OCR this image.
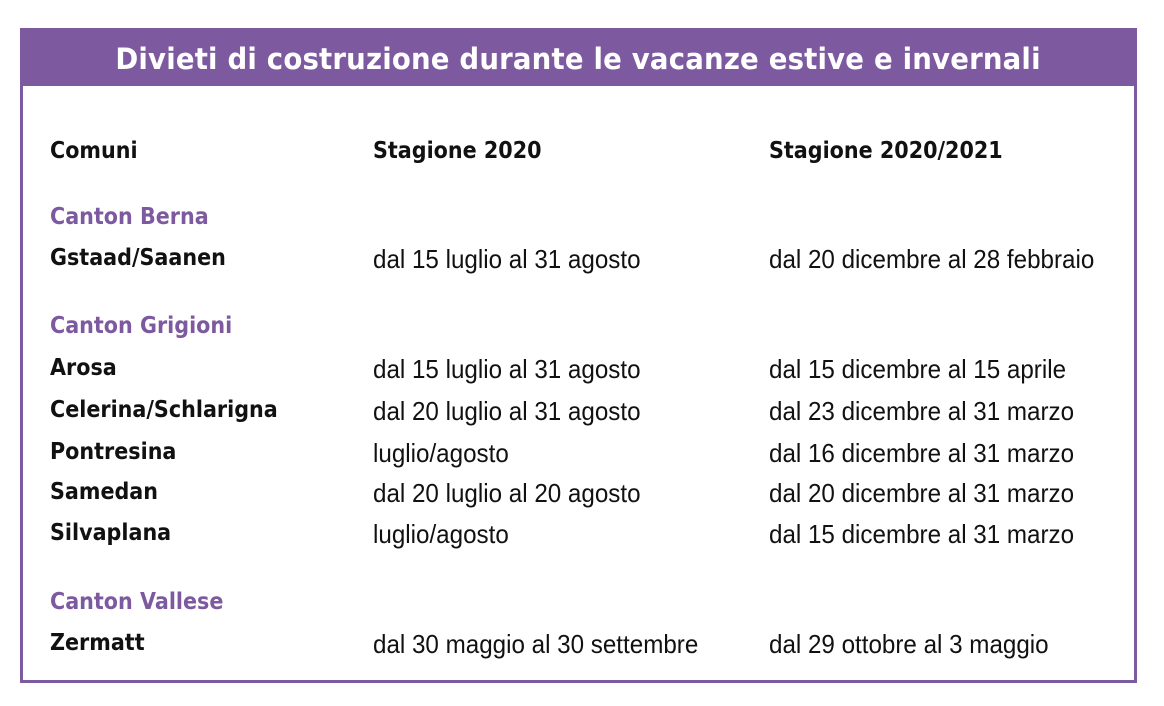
Divieti di costruzione durante le vacanze estive e invernali
Comuni	Stagione 2020	Stagione 2020/2021
Canton Berna
Gstaad/Saanen	dal 15 luglio al 31 agosto	dal 20 dicembre al 28 febbraio
Canton Grigioni
Arosa	dal 15 luglio al 31 agosto	dal 15 dicembre al 15 aprile
Celerina/Schlarigna	dal 20 luglio al 31 agosto	dal 23 dicembre al 31 marzo
Pontresina	luglio/agosto	dal 16 dicembre al 31 marzo
Samedan	dal 20 luglio al 20 agosto	dal 20 dicembre al 31 marzo
Silvaplana	luglio/agosto	dal 15 dicembre al 31 marzo
Canton Vallese
Zermatt	dal 30 maggio al 30 settembre	dal 29 ottobre al 3 maggio
